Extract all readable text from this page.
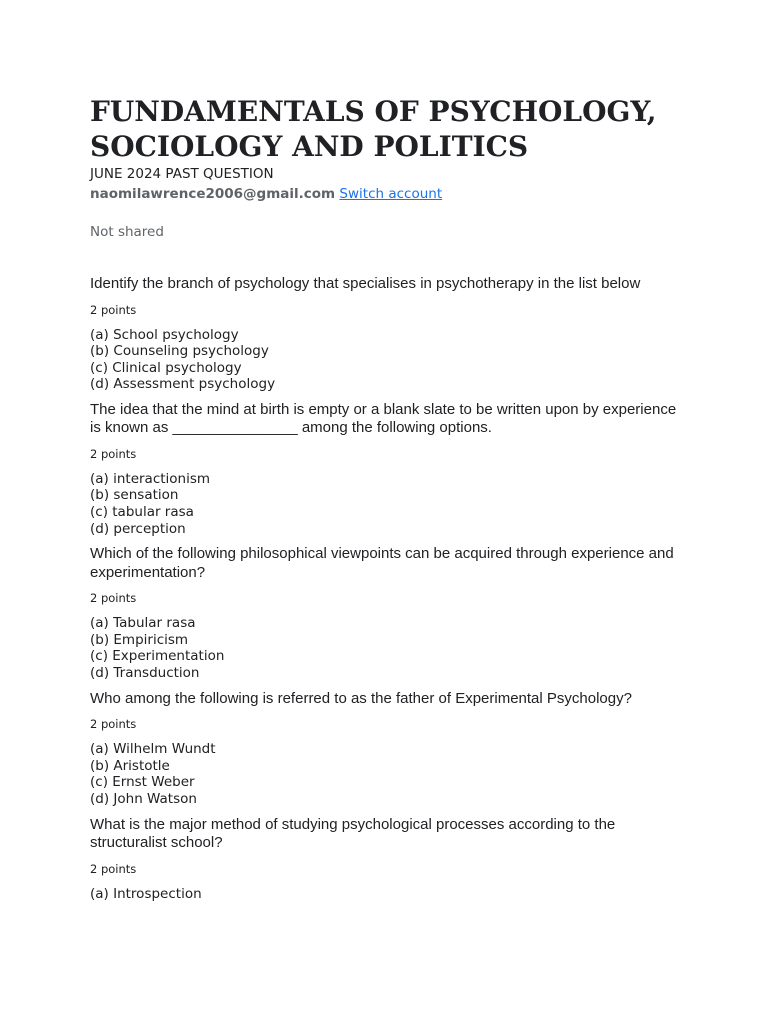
FUNDAMENTALS OF PSYCHOLOGY,
SOCIOLOGY AND POLITICS
JUNE 2024 PAST QUESTION
naomilawrence2006@gmail.com Switch account
Not shared

Identify the branch of psychology that specialises in psychotherapy in the list below

2 points
(a) School psychology
(b) Counseling psychology
(c) Clinical psychology
(d) Assessment psychology

The idea that the mind at birth is empty or a blank slate to be written upon by experience is known as _______________ among the following options.

2 points
(a) interactionism
(b) sensation
(c) tabular rasa
(d) perception

Which of the following philosophical viewpoints can be acquired through experience and experimentation?

2 points
(a) Tabular rasa
(b) Empiricism
(c) Experimentation
(d) Transduction

Who among the following is referred to as the father of Experimental Psychology?

2 points
(a) Wilhelm Wundt
(b) Aristotle
(c) Ernst Weber
(d) John Watson

What is the major method of studying psychological processes according to the structuralist school?

2 points
(a) Introspection
